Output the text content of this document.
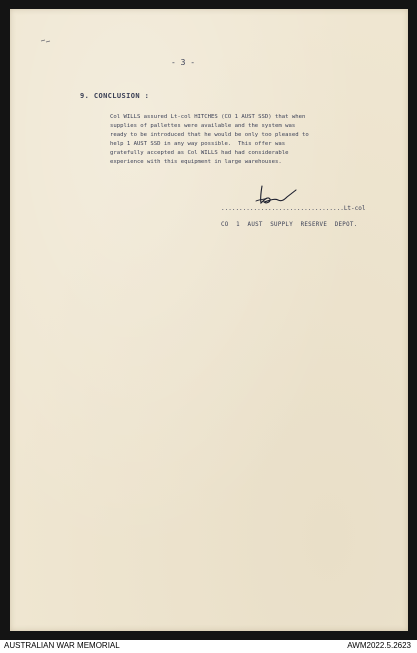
- 3 -
9. CONCLUSION :
Col WILLS assured Lt-col HITCHES (CO 1 AUST SSD) that when
supplies of pallettes were available and the system was
ready to be introduced that he would be only too pleased to
help 1 AUST SSD in any way possible.  This offer was
gratefully accepted as Col WILLS had had considerable
experience with this equipment in large warehouses.
..................................Lt-col
CO  1  AUST  SUPPLY  RESERVE  DEPOT.
AUSTRALIAN WAR MEMORIAL	AWM2022.5.2623
